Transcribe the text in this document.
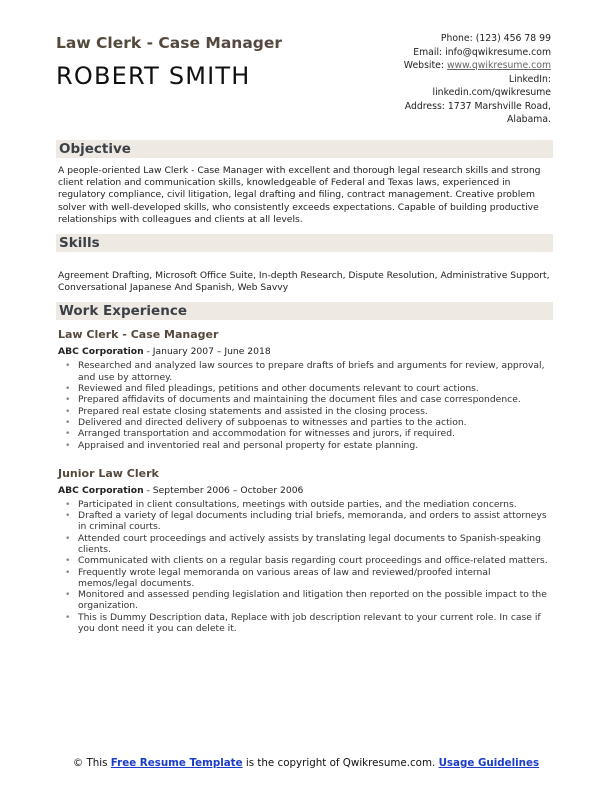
Law Clerk - Case Manager
ROBERT SMITH
Phone: (123) 456 78 99
Email: info@qwikresume.com
Website: www.qwikresume.com
LinkedIn:
linkedin.com/qwikresume
Address: 1737 Marshville Road,
Alabama.
Objective
A people-oriented Law Clerk - Case Manager with excellent and thorough legal research skills and strong client relation and communication skills, knowledgeable of Federal and Texas laws, experienced in regulatory compliance, civil litigation, legal drafting and filing, contract management. Creative problem solver with well-developed skills, who consistently exceeds expectations. Capable of building productive relationships with colleagues and clients at all levels.
Skills
Agreement Drafting, Microsoft Office Suite, In-depth Research, Dispute Resolution, Administrative Support, Conversational Japanese And Spanish, Web Savvy
Work Experience
Law Clerk - Case Manager
ABC Corporation - January 2007 – June 2018
• Researched and analyzed law sources to prepare drafts of briefs and arguments for review, approval, and use by attorney.
• Reviewed and filed pleadings, petitions and other documents relevant to court actions.
• Prepared affidavits of documents and maintaining the document files and case correspondence.
• Prepared real estate closing statements and assisted in the closing process.
• Delivered and directed delivery of subpoenas to witnesses and parties to the action.
• Arranged transportation and accommodation for witnesses and jurors, if required.
• Appraised and inventoried real and personal property for estate planning.
Junior Law Clerk
ABC Corporation - September 2006 – October 2006
• Participated in client consultations, meetings with outside parties, and the mediation concerns.
• Drafted a variety of legal documents including trial briefs, memoranda, and orders to assist attorneys in criminal courts.
• Attended court proceedings and actively assists by translating legal documents to Spanish-speaking clients.
• Communicated with clients on a regular basis regarding court proceedings and office-related matters.
• Frequently wrote legal memoranda on various areas of law and reviewed/proofed internal memos/legal documents.
• Monitored and assessed pending legislation and litigation then reported on the possible impact to the organization.
• This is Dummy Description data, Replace with job description relevant to your current role. In case if you dont need it you can delete it.
© This Free Resume Template is the copyright of Qwikresume.com. Usage Guidelines
